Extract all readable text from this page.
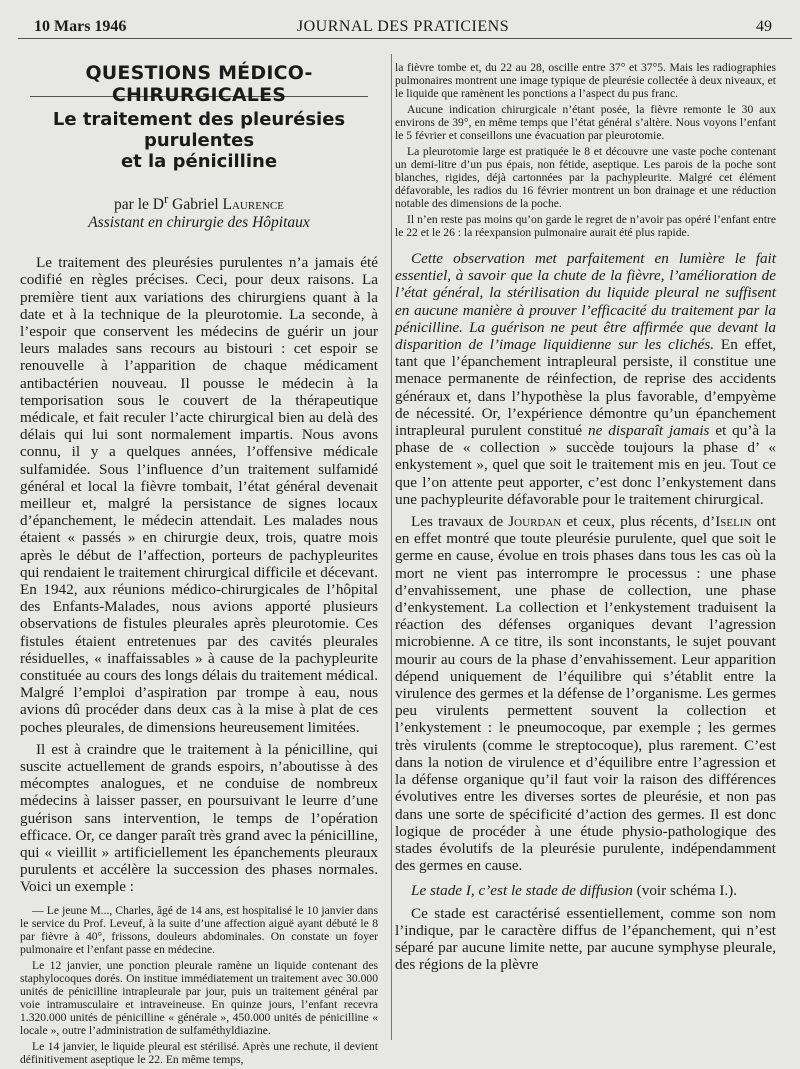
10 Mars 1946	JOURNAL DES PRATICIENS	49
QUESTIONS MÉDICO-CHIRURGICALES
Le traitement des pleurésies purulentes
et la pénicilline
par le $D^r$ Gabriel Laurence
Assistant en chirurgie des Hôpitaux

Le traitement des pleurésies purulentes n’a jamais été codifié en règles précises. Ceci, pour deux raisons. La première tient aux variations des chirurgiens quant à la date et à la technique de la pleurotomie. La seconde, à l’espoir que conservent les médecins de guérir un jour leurs malades sans recours au bistouri : cet espoir se renouvelle à l’apparition de chaque médicament antibactérien nouveau. Il pousse le médecin à la temporisation sous le couvert de la thérapeutique médicale, et fait reculer l’acte chirurgical bien au delà des délais qui lui sont normalement impartis. Nous avons connu, il y a quelques années, l’offensive médicale sulfamidée. Sous l’influence d’un traitement sulfamidé général et local la fièvre tombait, l’état général devenait meilleur et, malgré la persistance de signes locaux d’épanchement, le médecin attendait. Les malades nous étaient « passés » en chirurgie deux, trois, quatre mois après le début de l’affection, porteurs de pachypleurites qui rendaient le traitement chirurgical difficile et décevant. En 1942, aux réunions médico-chirurgicales de l’hôpital des Enfants-Malades, nous avions apporté plusieurs observations de fistules pleurales après pleurotomie. Ces fistules étaient entretenues par des cavités pleurales résiduelles, « inaffaissables » à cause de la pachypleurite constituée au cours des longs délais du traitement médical. Malgré l’emploi d’aspiration par trompe à eau, nous avions dû procéder dans deux cas à la mise à plat de ces poches pleurales, de dimensions heureusement limitées.

Il est à craindre que le traitement à la pénicilline, qui suscite actuellement de grands espoirs, n’aboutisse à des mécomptes analogues, et ne conduise de nombreux médecins à laisser passer, en poursuivant le leurre d’une guérison sans intervention, le temps de l’opération efficace. Or, ce danger paraît très grand avec la pénicilline, qui « vieillit » artificiellement les épanchements pleuraux purulents et accélère la succession des phases normales. Voici un exemple :

— Le jeune M..., Charles, âgé de 14 ans, est hospitalisé le 10 janvier dans le service du Prof. Leveuf, à la suite d’une affection aiguë ayant débuté le 8 par fièvre à 40°, frissons, douleurs abdominales. On constate un foyer pulmonaire et l’enfant passe en médecine.

Le 12 janvier, une ponction pleurale ramène un liquide contenant des staphylocoques dorés. On institue immédiatement un traitement avec 30.000 unités de pénicilline intrapleurale par jour, puis un traitement général par voie intramusculaire et intraveineuse. En quinze jours, l’enfant recevra 1.320.000 unités de pénicilline « générale », 450.000 unités de pénicilline « locale », outre l’administration de sulfaméthyldiazine.

Le 14 janvier, le liquide pleural est stérilisé. Après une rechute, il devient définitivement aseptique le 22. En même temps,

la fièvre tombe et, du 22 au 28, oscille entre 37° et 37°5. Mais les radiographies pulmonaires montrent une image typique de pleurésie collectée à deux niveaux, et le liquide que ramènent les ponctions a l’aspect du pus franc.

Aucune indication chirurgicale n’étant posée, la fièvre remonte le 30 aux environs de 39°, en même temps que l’état général s’altère. Nous voyons l’enfant le 5 février et conseillons une évacuation par pleurotomie.

La pleurotomie large est pratiquée le 8 et découvre une vaste poche contenant un demi-litre d’un pus épais, non fétide, aseptique. Les parois de la poche sont blanches, rigides, déjà cartonnées par la pachypleurite. Malgré cet élément défavorable, les radios du 16 février montrent un bon drainage et une réduction notable des dimensions de la poche.

Il n’en reste pas moins qu’on garde le regret de n’avoir pas opéré l’enfant entre le 22 et le 26 : la réexpansion pulmonaire aurait été plus rapide.

Cette observation met parfaitement en lumière le fait essentiel, à savoir que la chute de la fièvre, l’amélioration de l’état général, la stérilisation du liquide pleural ne suffisent en aucune manière à prouver l’efficacité du traitement par la pénicilline. La guérison ne peut être affirmée que devant la disparition de l’image liquidienne sur les clichés. En effet, tant que l’épanchement intrapleural persiste, il constitue une menace permanente de réinfection, de reprise des accidents généraux et, dans l’hypothèse la plus favorable, d’empyème de nécessité. Or, l’expérience démontre qu’un épanchement intrapleural purulent constitué ne disparaît jamais et qu’à la phase de « collection » succède toujours la phase d’ « enkystement », quel que soit le traitement mis en jeu. Tout ce que l’on attente peut apporter, c’est donc l’enkystement dans une pachypleurite défavorable pour le traitement chirurgical.

Les travaux de Jourdan et ceux, plus récents, d’Iselin ont en effet montré que toute pleurésie purulente, quel que soit le germe en cause, évolue en trois phases dans tous les cas où la mort ne vient pas interrompre le processus : une phase d’envahissement, une phase de collection, une phase d’enkystement. La collection et l’enkystement traduisent la réaction des défenses organiques devant l’agression microbienne. A ce titre, ils sont inconstants, le sujet pouvant mourir au cours de la phase d’envahissement. Leur apparition dépend uniquement de l’équilibre qui s’établit entre la virulence des germes et la défense de l’organisme. Les germes peu virulents permettent souvent la collection et l’enkystement : le pneumocoque, par exemple ; les germes très virulents (comme le streptocoque), plus rarement. C’est dans la notion de virulence et d’équilibre entre l’agression et la défense organique qu’il faut voir la raison des différences évolutives entre les diverses sortes de pleurésie, et non pas dans une sorte de spécificité d’action des germes. Il est donc logique de procéder à une étude physio-pathologique des stades évolutifs de la pleurésie purulente, indépendamment des germes en cause.

Le stade I, c’est le stade de diffusion (voir schéma I.).

Ce stade est caractérisé essentiellement, comme son nom l’indique, par le caractère diffus de l’épanchement, qui n’est séparé par aucune limite nette, par aucune symphyse pleurale, des régions de la plèvre
